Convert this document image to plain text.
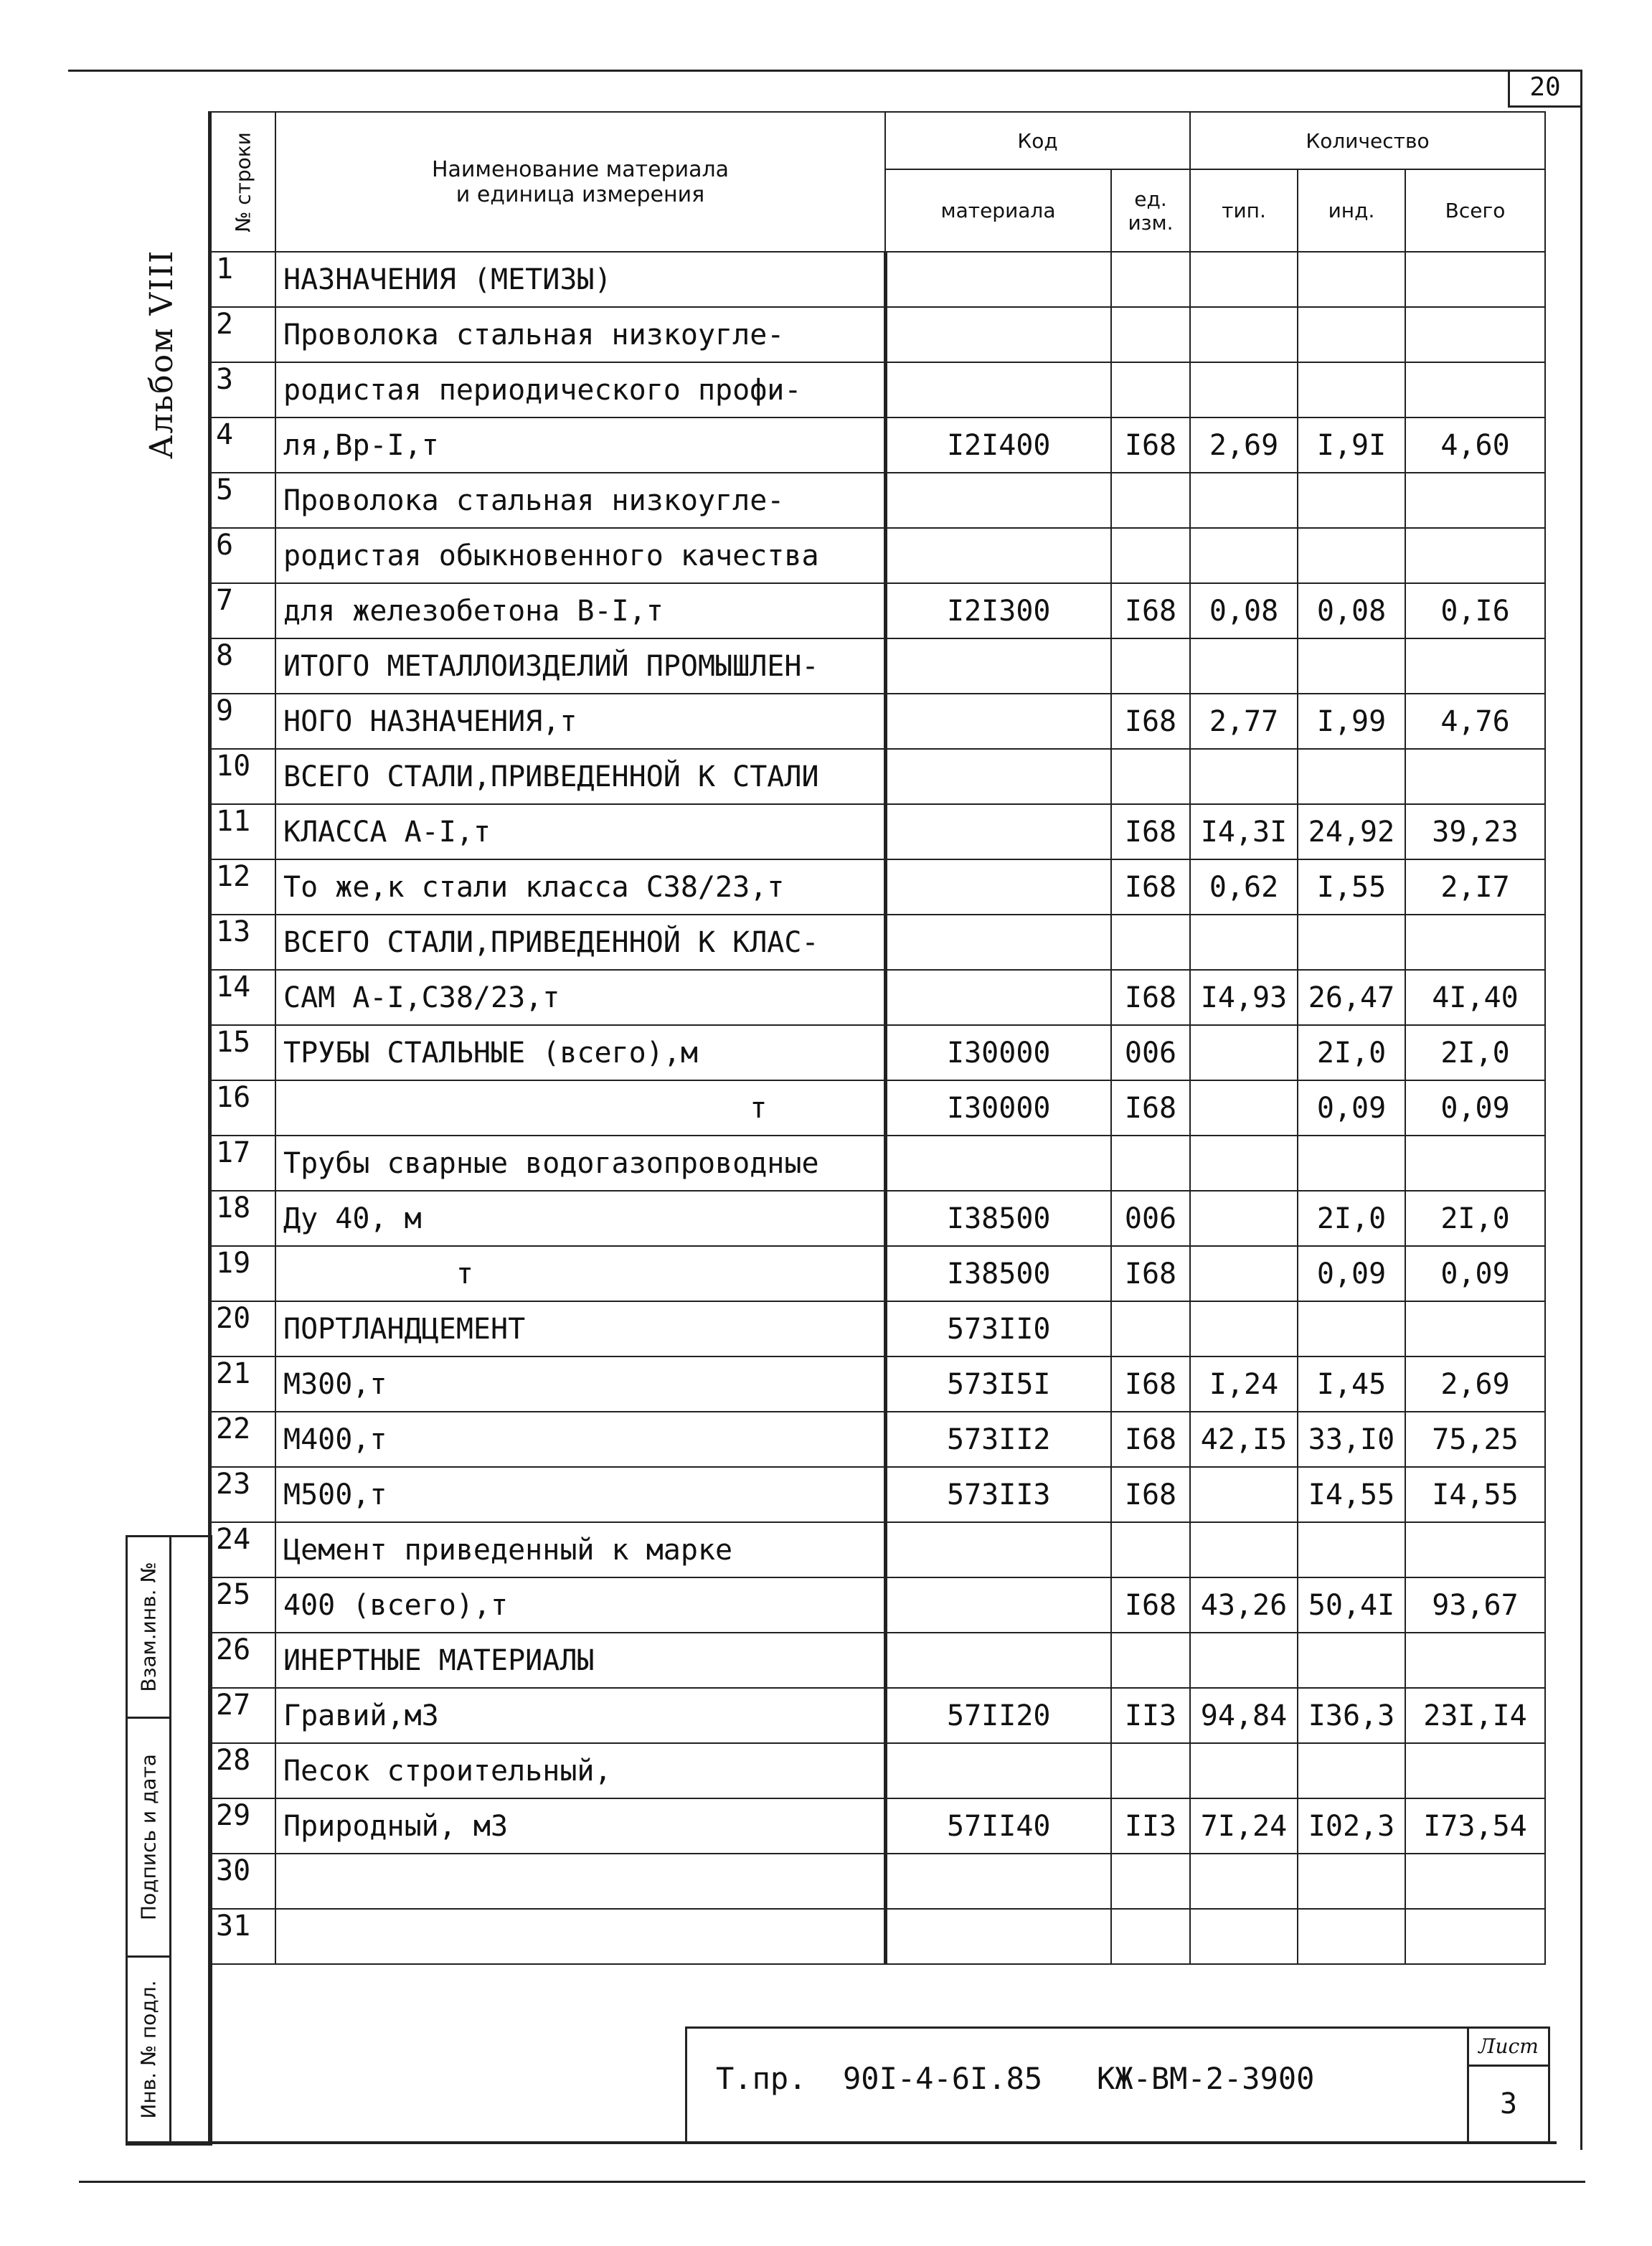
20
Альбом VIII
Взам.инв. №
Подпись и дата
Инв. № подл.
№ строки	Наименование материала
и единица измерения	Код		Количество		
		материала	ед. изм.	тип.	инд.	Всего
1	НАЗНАЧЕНИЯ (МЕТИЗЫ)					
2	Проволока стальная низкоугле-					
3	родистая периодического профи-					
4	ля,Вр-I,т	I2I400	I68	2,69	I,9I	4,60
5	Проволока стальная низкоугле-					
6	родистая обыкновенного качества					
7	для железобетона В-I,т	I2I300	I68	0,08	0,08	0,I6
8	ИТОГО МЕТАЛЛОИЗДЕЛИЙ ПРОМЫШЛЕН-					
9	НОГО НАЗНАЧЕНИЯ,т		I68	2,77	I,99	4,76
10	ВСЕГО СТАЛИ,ПРИВЕДЕННОЙ К СТАЛИ					
11	КЛАССА А-I,т		I68	I4,3I	24,92	39,23
12	То же,к стали класса С38/23,т		I68	0,62	I,55	2,I7
13	ВСЕГО СТАЛИ,ПРИВЕДЕННОЙ К КЛАС-					
14	САМ А-I,С38/23,т		I68	I4,93	26,47	4I,40
15	ТРУБЫ СТАЛЬНЫЕ (всего),м	I30000	006		2I,0	2I,0
16	т	I30000	I68		0,09	0,09
17	Трубы сварные водогазопроводные					
18	Ду 40, м	I38500	006		2I,0	2I,0
19	т	I38500	I68		0,09	0,09
20	ПОРТЛАНДЦЕМЕНТ	573II0				
21	М300,т	573I5I	I68	I,24	I,45	2,69
22	М400,т	573II2	I68	42,I5	33,I0	75,25
23	М500,т	573II3	I68		I4,55	I4,55
24	Цемент приведенный к марке					
25	400 (всего),т		I68	43,26	50,4I	93,67
26	ИНЕРТНЫЕ МАТЕРИАЛЫ					
27	Гравий,м3	57II20	II3	94,84	I36,3	23I,I4
28	Песок строительный,					
29	Природный, м3	57II40	II3	7I,24	I02,3	I73,54
30						
31						
Т.пр.  90I-4-6I.85   КЖ-ВМ-2-3900
Лист
3
